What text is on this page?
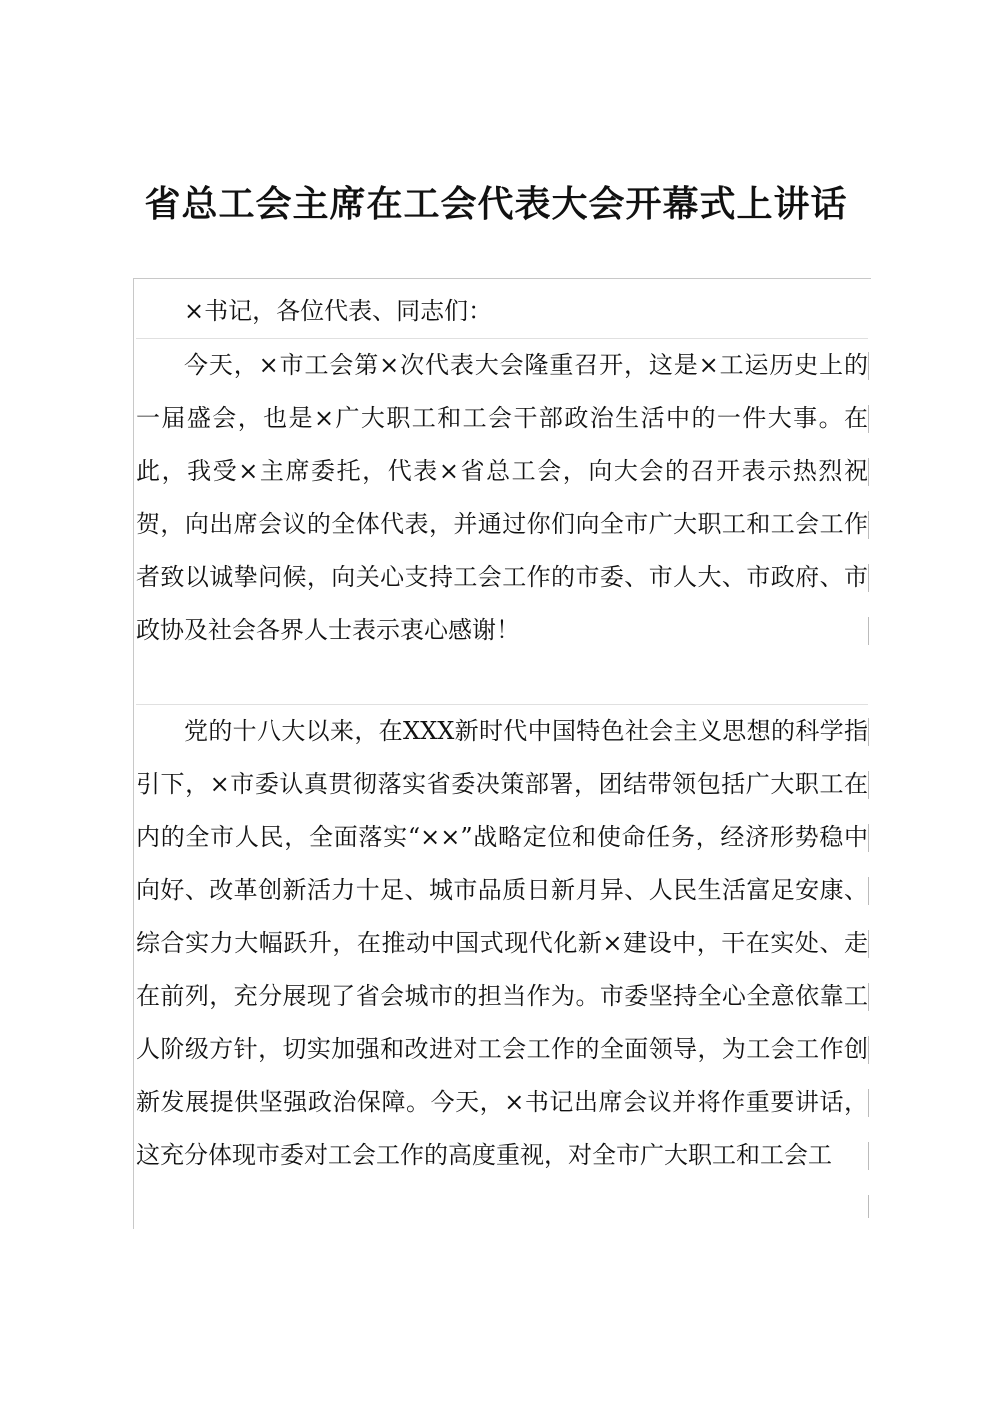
省总工会主席在工会代表大会开幕式上讲话

×书记，各位代表、同志们：

今天，×市工会第×次代表大会隆重召开，这是×工运历史上的一届盛会，也是×广大职工和工会干部政治生活中的一件大事。在此，我受×主席委托，代表×省总工会，向大会的召开表示热烈祝贺，向出席会议的全体代表，并通过你们向全市广大职工和工会工作者致以诚挚问候，向关心支持工会工作的市委、市人大、市政府、市政协及社会各界人士表示衷心感谢！

党的十八大以来，在XXX新时代中国特色社会主义思想的科学指引下，×市委认真贯彻落实省委决策部署，团结带领包括广大职工在内的全市人民，全面落实“××”战略定位和使命任务，经济形势稳中向好、改革创新活力十足、城市品质日新月异、人民生活富足安康、综合实力大幅跃升，在推动中国式现代化新×建设中，干在实处、走在前列，充分展现了省会城市的担当作为。市委坚持全心全意依靠工人阶级方针，切实加强和改进对工会工作的全面领导，为工会工作创新发展提供坚强政治保障。今天，×书记出席会议并将作重要讲话，这充分体现市委对工会工作的高度重视，对全市广大职工和工会工
